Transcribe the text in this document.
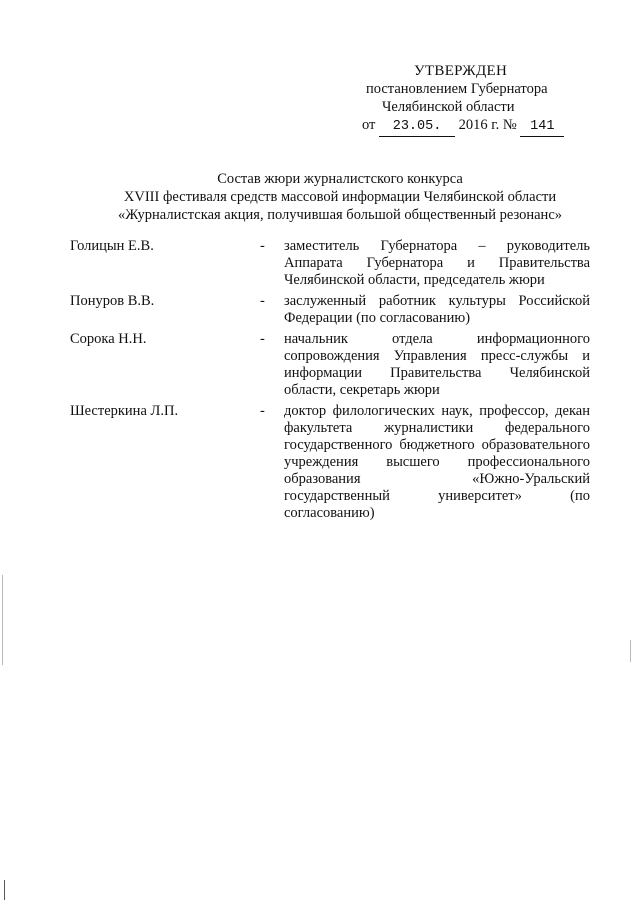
УТВЕРЖДЕН
постановлением Губернатора
Челябинской области
от 23.05. 2016 г. № 141
Состав жюри журналистского конкурса
XVIII фестиваля средств массовой информации Челябинской области
«Журналистская акция, получившая большой общественный резонанс»
Голицын Е.В.	-	заместитель Губернатора – руководитель Аппарата Губернатора и Правительства Челябинской области, председатель жюри
Понуров В.В.	-	заслуженный работник культуры Российской Федерации (по согласованию)
Сорока Н.Н.	-	начальник отдела информационного сопровождения Управления пресс-службы и информации Правительства Челябинской области, секретарь жюри
Шестеркина Л.П.	-	доктор филологических наук, профессор, декан факультета журналистики федерального государственного бюджетного образовательного учреждения высшего профессионального образования «Южно-Уральский государственный университет» (по согласованию)
